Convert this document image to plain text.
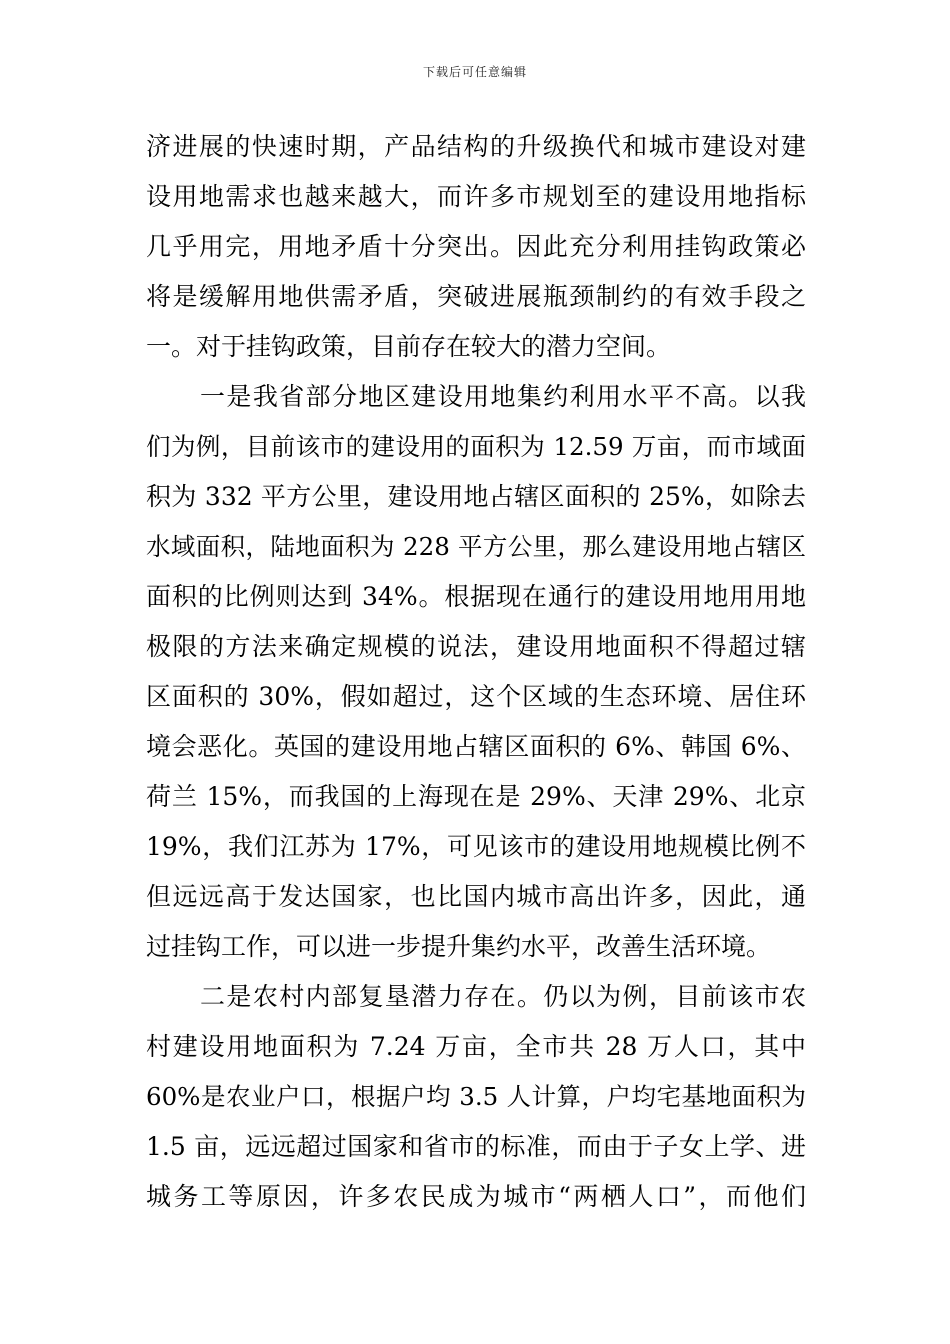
下载后可任意编辑
济进展的快速时期，产品结构的升级换代和城市建设对建
设用地需求也越来越大，而许多市规划至的建设用地指标
几乎用完，用地矛盾十分突出。因此充分利用挂钩政策必
将是缓解用地供需矛盾，突破进展瓶颈制约的有效手段之
一。对于挂钩政策，目前存在较大的潜力空间。
一是我省部分地区建设用地集约利用水平不高。以我
们为例，目前该市的建设用的面积为 12.59 万亩，而市域面
积为 332 平方公里，建设用地占辖区面积的 25%，如除去
水域面积，陆地面积为 228 平方公里，那么建设用地占辖区
面积的比例则达到 34%。根据现在通行的建设用地用用地
极限的方法来确定规模的说法，建设用地面积不得超过辖
区面积的 30%，假如超过，这个区域的生态环境、居住环
境会恶化。英国的建设用地占辖区面积的 6%、韩国 6%、
荷兰 15%，而我国的上海现在是 29%、天津 29%、北京
19%，我们江苏为 17%，可见该市的建设用地规模比例不
但远远高于发达国家，也比国内城市高出许多，因此，通
过挂钩工作，可以进一步提升集约水平，改善生活环境。
二是农村内部复垦潜力存在。仍以为例，目前该市农
村建设用地面积为 7.24 万亩，全市共 28 万人口，其中
60%是农业户口，根据户均 3.5 人计算，户均宅基地面积为
1.5 亩，远远超过国家和省市的标准，而由于子女上学、进
城务工等原因，许多农民成为城市“两栖人口”，而他们
